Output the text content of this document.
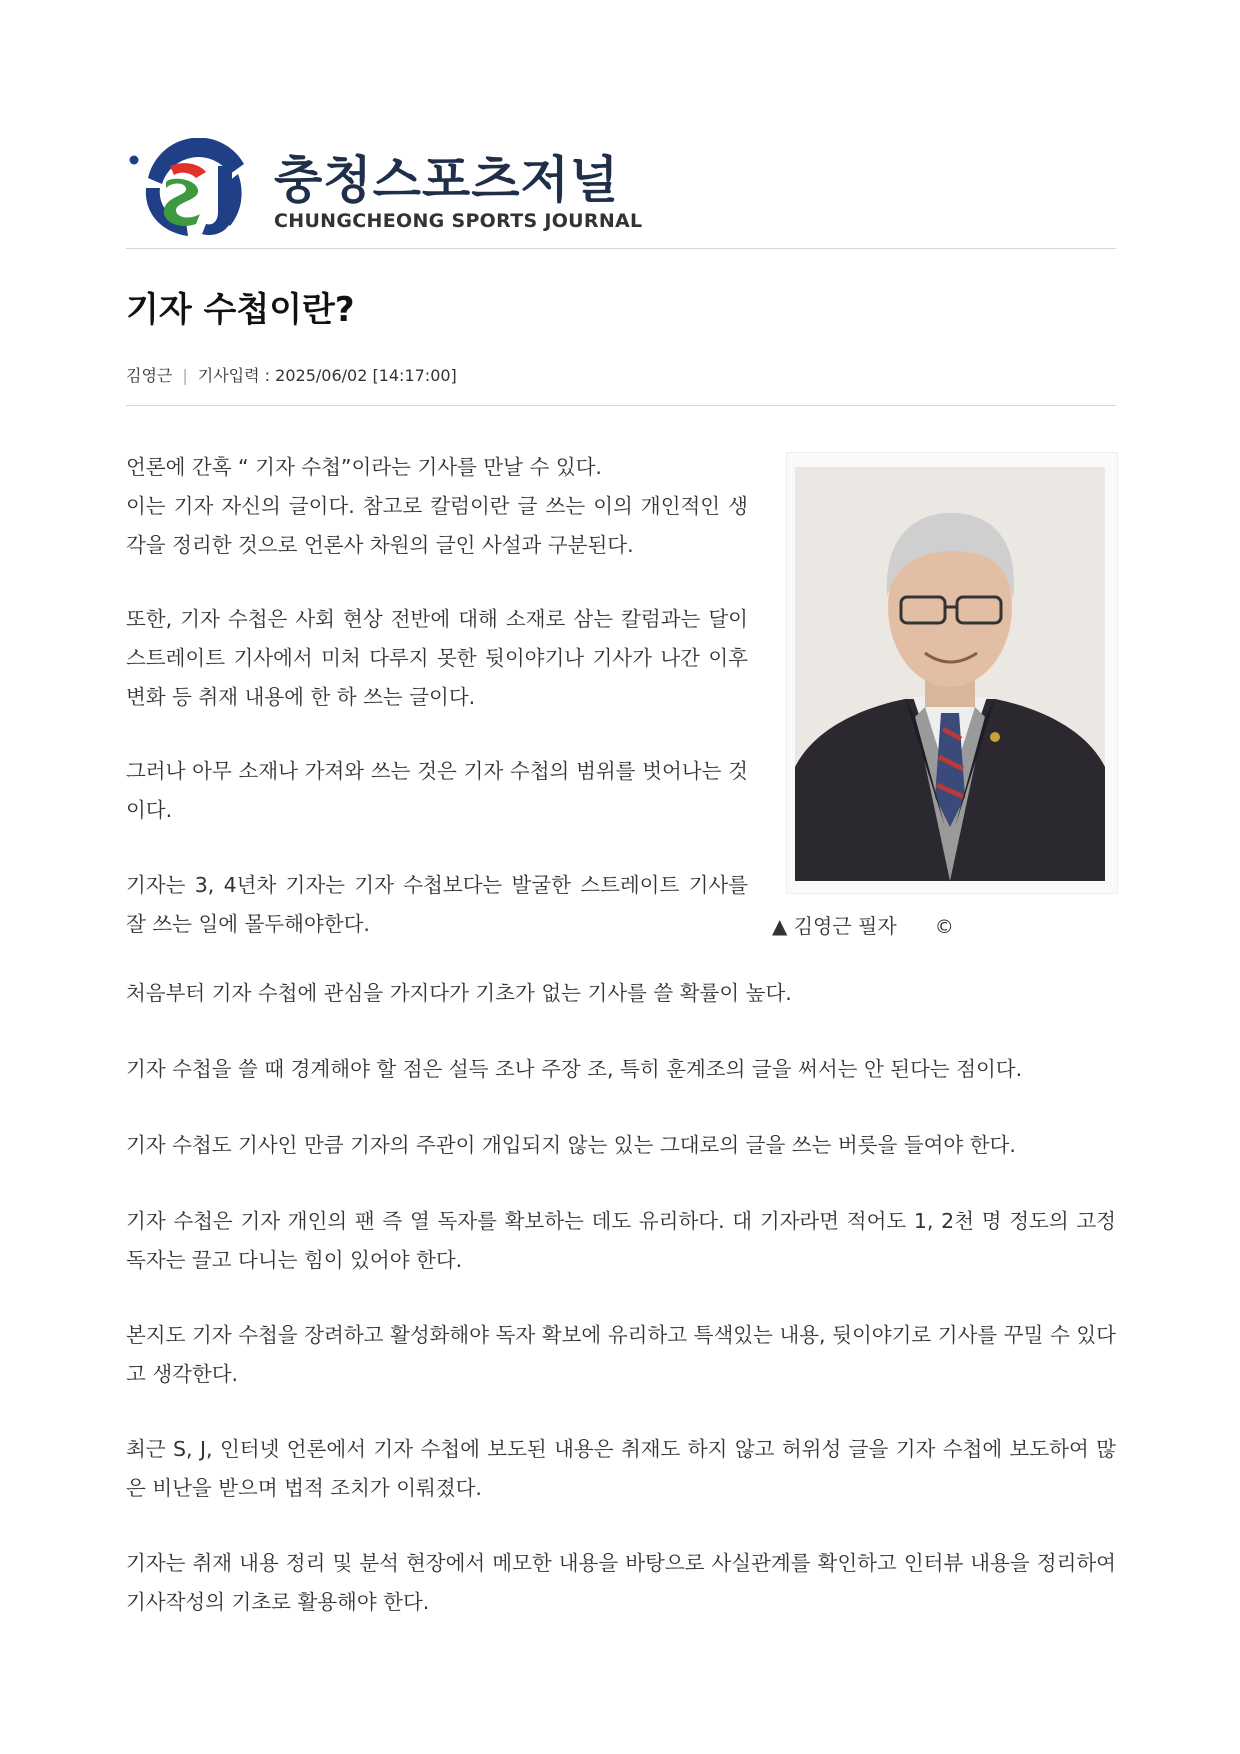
충청스포츠저널
CHUNGCHEONG SPORTS JOURNAL
기자 수첩이란?
김영근 | 기사입력 : 2025/06/02 [14:17:00]
언론에 간혹 “ 기자 수첩”이라는 기사를 만날 수 있다.
이는 기자 자신의 글이다. 참고로 칼럼이란 글 쓰는 이의 개인적인 생각을 정리한 것으로 언론사 차원의 글인 사설과 구분된다.
또한, 기자 수첩은 사회 현상 전반에 대해 소재로 삼는 칼럼과는 달이 스트레이트 기사에서 미처 다루지 못한 뒷이야기나 기사가 나간 이후 변화 등 취재 내용에 한 하 쓰는 글이다.
그러나 아무 소재나 가져와 쓰는 것은 기자 수첩의 범위를 벗어나는 것이다.
기자는 3, 4년차 기자는 기자 수첩보다는 발굴한 스트레이트 기사를 잘 쓰는 일에 몰두해야한다.	▲ 김영근 필자 ©
처음부터 기자 수첩에 관심을 가지다가 기초가 없는 기사를 쓸 확률이 높다.
기자 수첩을 쓸 때 경계해야 할 점은 설득 조나 주장 조, 특히 훈계조의 글을 써서는 안 된다는 점이다.
기자 수첩도 기사인 만큼 기자의 주관이 개입되지 않는 있는 그대로의 글을 쓰는 버릇을 들여야 한다.
기자 수첩은 기자 개인의 팬 즉 열 독자를 확보하는 데도 유리하다. 대 기자라면 적어도 1, 2천 명 정도의 고정 독자는 끌고 다니는 힘이 있어야 한다.
본지도 기자 수첩을 장려하고 활성화해야 독자 확보에 유리하고 특색있는 내용, 뒷이야기로 기사를 꾸밀 수 있다고 생각한다.
최근 S, J, 인터넷 언론에서 기자 수첩에 보도된 내용은 취재도 하지 않고 허위성 글을 기자 수첩에 보도하여 많은 비난을 받으며 법적 조치가 이뤄졌다.
기자는 취재 내용 정리 및 분석 현장에서 메모한 내용을 바탕으로 사실관계를 확인하고 인터뷰 내용을 정리하여 기사작성의 기초로 활용해야 한다.
